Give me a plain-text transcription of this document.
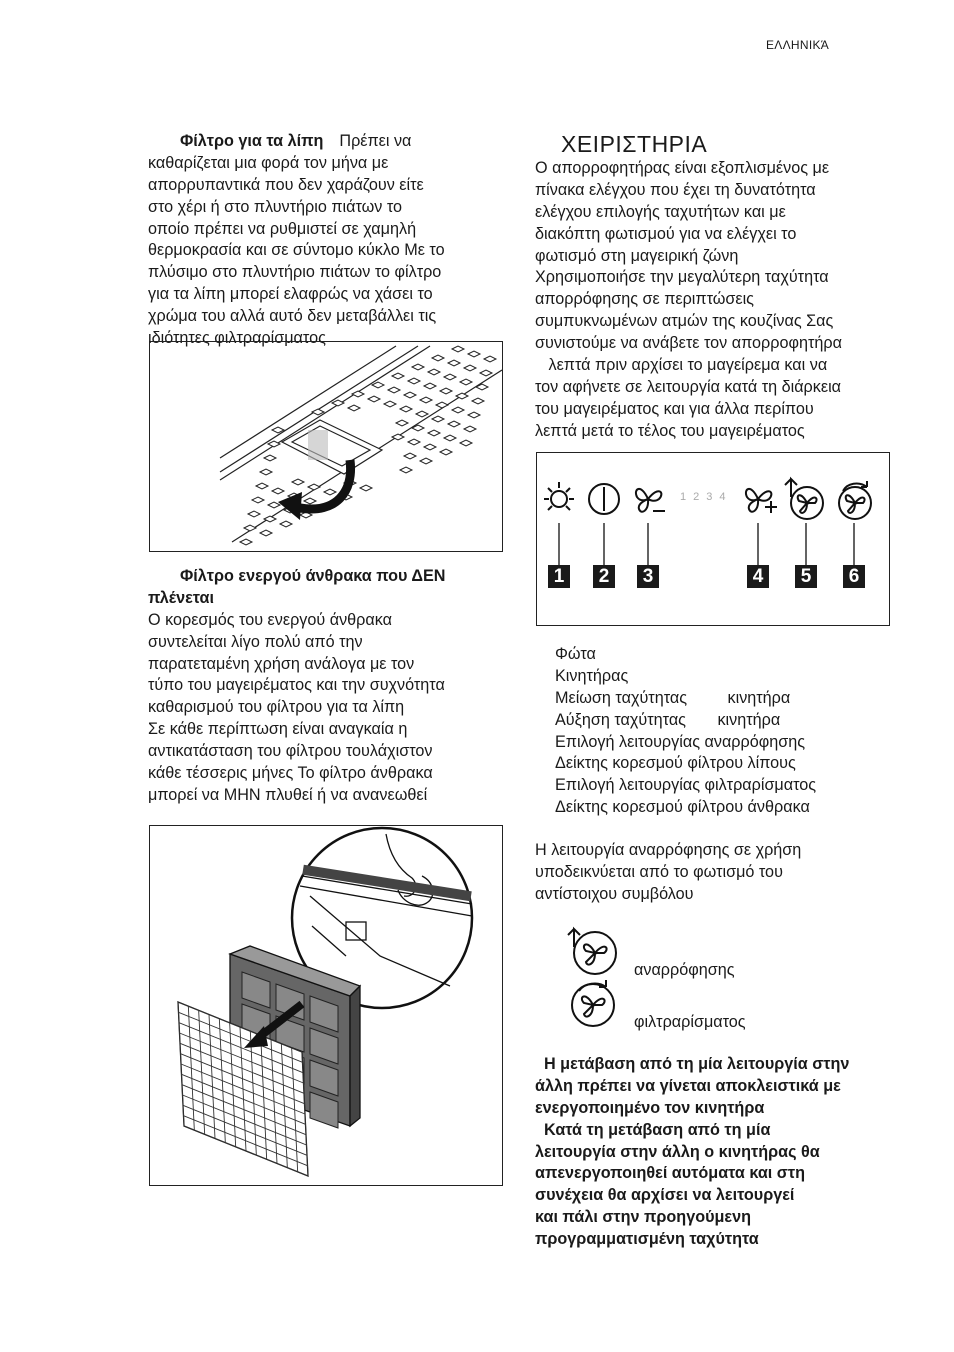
ΕΛΛΗΝΙΚΆ
Φίλτρο για τα λίπη Πρέπει να
καθαρίζεται μια φορά τον μήνα με
απορρυπαντικά που δεν χαράζουν είτε
στο χέρι ή στο πλυντήριο πιάτων το
οποίο πρέπει να ρυθμιστεί σε χαμηλή
θερμοκρασία και σε σύντομο κύκλο Με το
πλύσιμο στο πλυντήριο πιάτων το φίλτρο
για τα λίπη μπορεί ελαφρώς να χάσει το
χρώμα του αλλά αυτό δεν μεταβάλλει τις
ιδιότητες φιλτραρίσματος
Φίλτρο ενεργού άνθρακα που ΔΕΝ
πλένεται
Ο κορεσμός του ενεργού άνθρακα
συντελείται λίγο πολύ από την
παρατεταμένη χρήση ανάλογα με τον
τύπο του μαγειρέματος και την συχνότητα
καθαρισμού του φίλτρου για τα λίπη
Σε κάθε περίπτωση είναι αναγκαία η
αντικατάσταση του φίλτρου τουλάχιστον
κάθε τέσσερις μήνες Το φίλτρο άνθρακα
μπορεί να ΜΗΝ πλυθεί ή να ανανεωθεί
ΧΕΙΡΙΣΤΗΡΙΑ
Ο απορροφητήρας είναι εξοπλισμένος με
πίνακα ελέγχου που έχει τη δυνατότητα
ελέγχου επιλογής ταχυτήτων και με
διακόπτη φωτισμού για να ελέγχει το
φωτισμό στη μαγειρική ζώνη
Χρησιμοποιήσε την μεγαλύτερη ταχύτητα
απορρόφησης σε περιπτώσεις
συμπυκνωμένων ατμών της κουζίνας Σας
συνιστούμε να ανάβετε τον απορροφητήρα
λεπτά πριν αρχίσει το μαγείρεμα και να
τον αφήνετε σε λειτουργία κατά τη διάρκεια
του μαγειρέματος και για άλλα περίπου
λεπτά μετά το τέλος του μαγειρέματος
1234
1	2	3	4	5	6
Φώτα
Κινητήρας
Μείωση ταχύτητας         κινητήρα
Αύξηση ταχύτητας       κινητήρα
Επιλογή λειτουργίας αναρρόφησης
Δείκτης κορεσμού φίλτρου λίπους
Επιλογή λειτουργίας φιλτραρίσματος
Δείκτης κορεσμού φίλτρου άνθρακα
Η λειτουργία αναρρόφησης σε χρήση
υποδεικνύεται από το φωτισμό του
αντίστοιχου συμβόλου
αναρρόφησης
φιλτραρίσματος
Η μετάβαση από τη μία λειτουργία στην
άλλη πρέπει να γίνεται αποκλειστικά με
ενεργοποιημένο τον κινητήρα
Κατά τη μετάβαση από τη μία
λειτουργία στην άλλη ο κινητήρας θα
απενεργοποιηθεί αυτόματα και στη
συνέχεια θα αρχίσει να λειτουργεί
και πάλι στην προηγούμενη
προγραμματισμένη ταχύτητα
